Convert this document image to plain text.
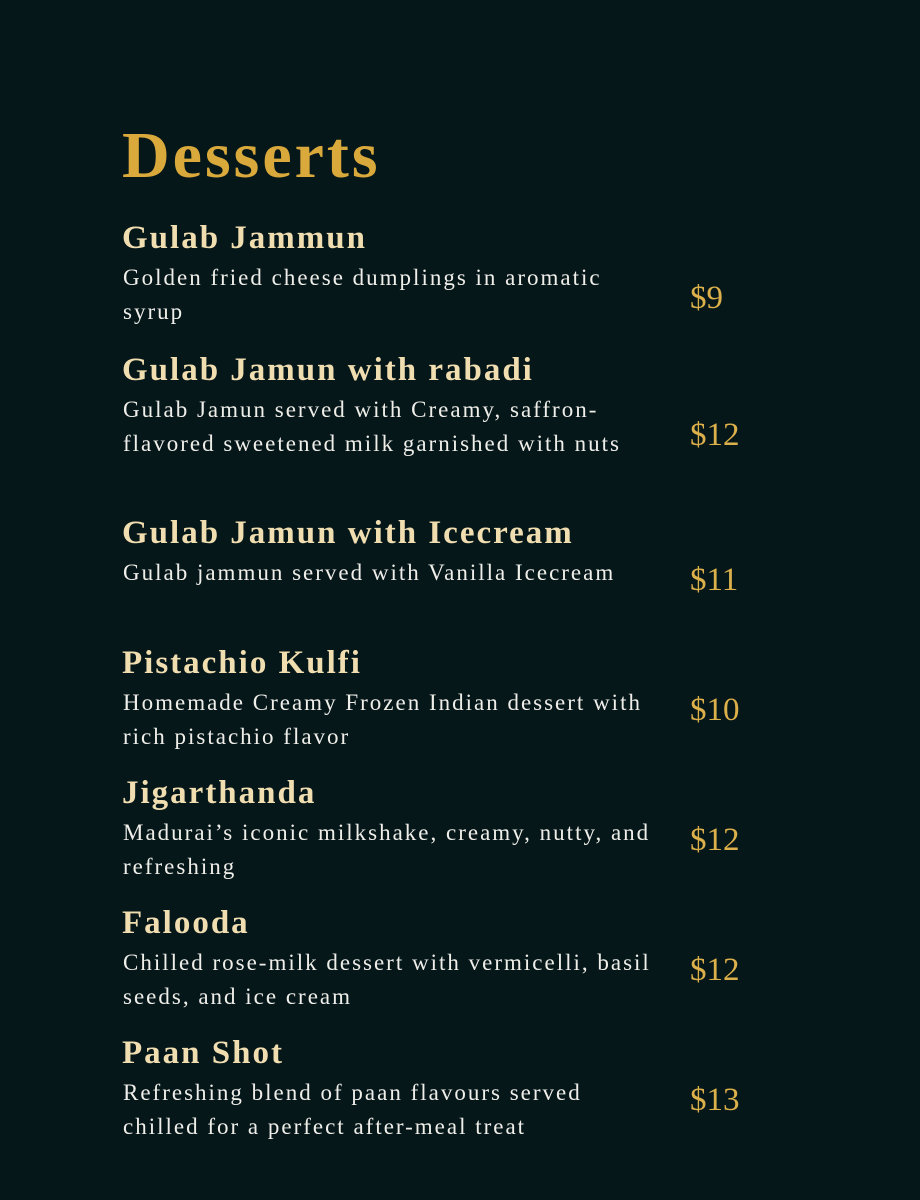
Desserts
Gulab Jammun

Golden fried cheese dumplings in aromatic syrup	$9
Gulab Jamun with rabadi

Gulab Jamun served with Creamy, saffron-flavored sweetened milk garnished with nuts	$12
Gulab Jamun with Icecream

Gulab jammun served with Vanilla Icecream	$11
Pistachio Kulfi

Homemade Creamy Frozen Indian dessert with rich pistachio flavor

$10
Jigarthanda

Madurai’s iconic milkshake, creamy, nutty, and refreshing

$12
Falooda

Chilled rose-milk dessert with vermicelli, basil seeds, and ice cream

$12
Paan Shot

Refreshing blend of paan flavours served chilled for a perfect after-meal treat

$13
